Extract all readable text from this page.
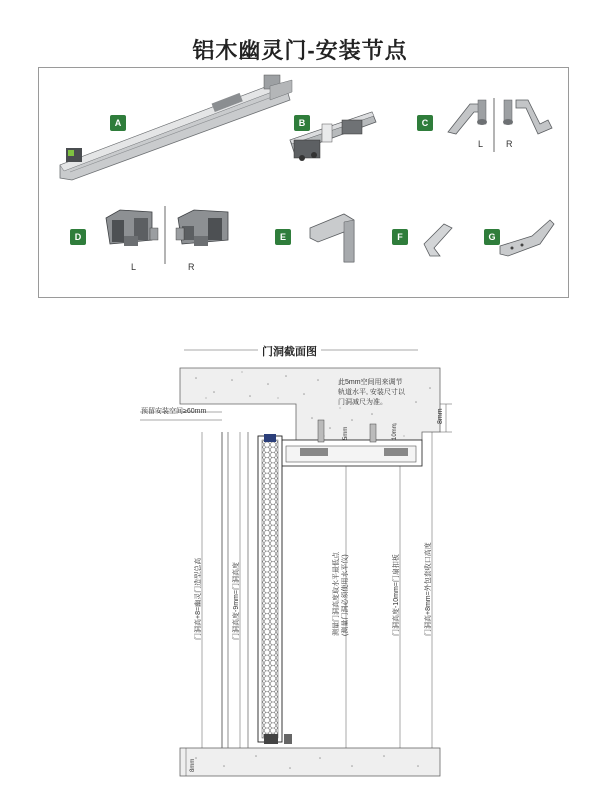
铝木幽灵门-安装节点
A	B	C
D	E	F	G
L	R
L	R
门洞截面图
此5mm空间用来调节
轨道水平, 安装尺寸以
门洞减尺为准。
预留安装空间≥60mm	8mm
5mm	10mm
8mm
门洞高+8=幽灵门造型总高	门洞高度-9mm=门洞高度	测量门洞高度取水平最低点 (测量门洞必须使用水平仪)	门洞高度-10mm=门扇扣板	门洞高+8mm=外包套收口高度
